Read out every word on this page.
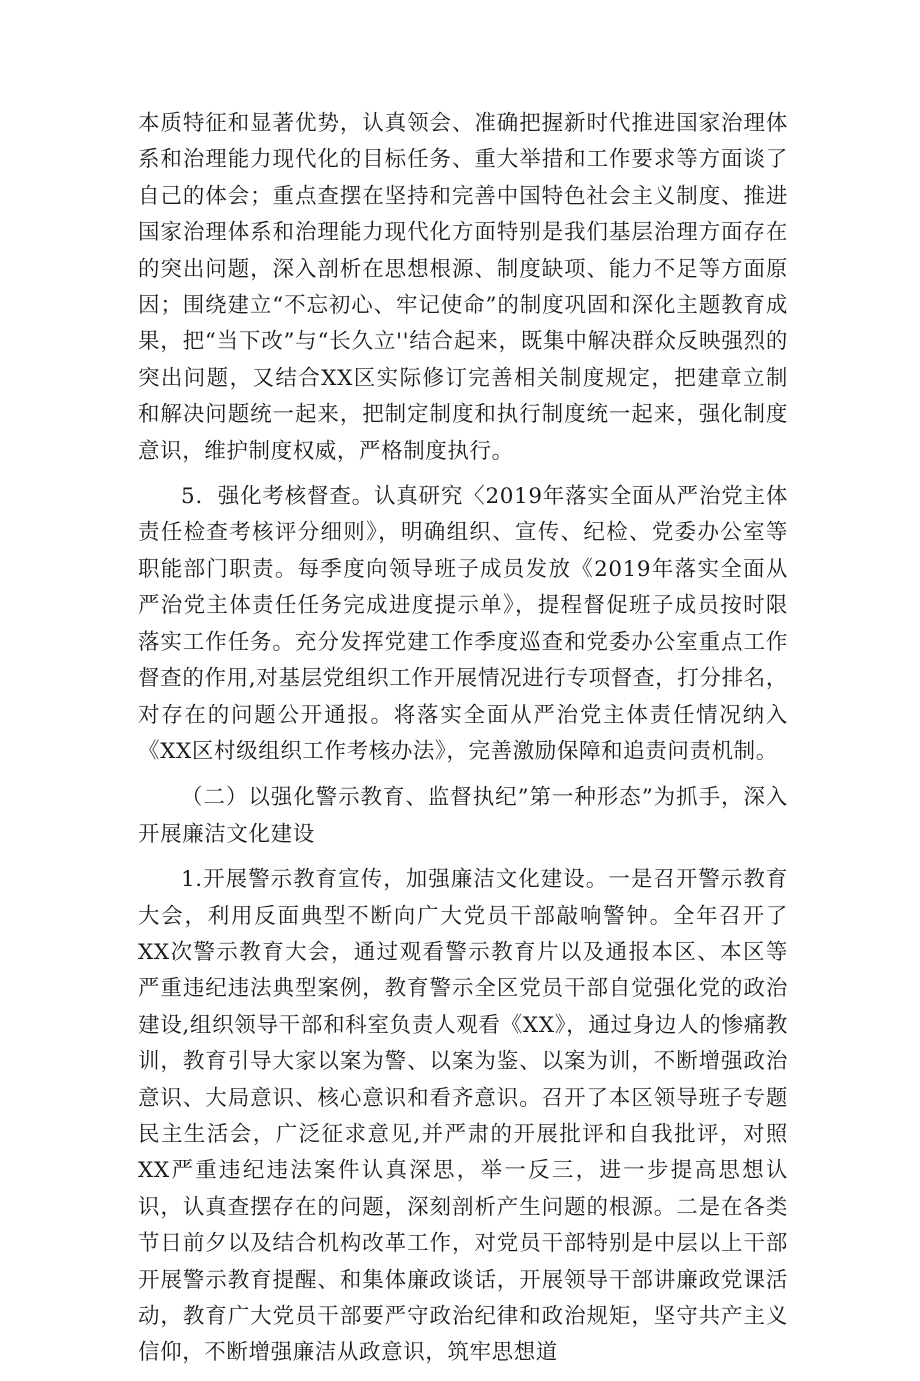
本质特征和显著优势，认真领会、准确把握新时代推进国家治理体系和治理能力现代化的目标任务、重大举措和工作要求等方面谈了自己的体会；重点查摆在坚持和完善中国特色社会主义制度、推进国家治理体系和治理能力现代化方面特别是我们基层治理方面存在的突出问题，深入剖析在思想根源、制度缺项、能力不足等方面原因；围绕建立“不忘初心、牢记使命”的制度巩固和深化主题教育成果，把“当下改”与“长久立''结合起来，既集中解决群众反映强烈的突出问题，又结合XX区实际修订完善相关制度规定，把建章立制和解决问题统一起来，把制定制度和执行制度统一起来，强化制度意识，维护制度权威，严格制度执行。

5．强化考核督查。认真研究〈2019年落实全面从严治党主体责任检查考核评分细则》，明确组织、宣传、纪检、党委办公室等职能部门职责。每季度向领导班子成员发放《2019年落实全面从严治党主体责任任务完成进度提示单》，提程督促班子成员按时限落实工作任务。充分发挥党建工作季度巡查和党委办公室重点工作督查的作用,对基层党组织工作开展情况进行专项督查，打分排名，对存在的问题公开通报。将落实全面从严治党主体责任情况纳入《XX区村级组织工作考核办法》，完善激励保障和追责问责机制。

（二）以强化警示教育、监督执纪”第一种形态”为抓手，深入开展廉洁文化建设

1.开展警示教育宣传，加强廉洁文化建设。一是召开警示教育大会，利用反面典型不断向广大党员干部敲响警钟。全年召开了XX次警示教育大会，通过观看警示教育片以及通报本区、本区等严重违纪违法典型案例，教育警示全区党员干部自觉强化党的政治建设,组织领导干部和科室负责人观看《XX》，通过身边人的惨痛教训，教育引导大家以案为警、以案为鉴、以案为训，不断增强政治意识、大局意识、核心意识和看齐意识。召开了本区领导班子专题民主生活会，广泛征求意见,并严肃的开展批评和自我批评，对照XX严重违纪违法案件认真深思，举一反三，进一步提高思想认识，认真查摆存在的问题，深刻剖析产生问题的根源。二是在各类节日前夕以及结合机构改革工作，对党员干部特别是中层以上干部开展警示教育提醒、和集体廉政谈话，开展领导干部讲廉政党课活动，教育广大党员干部要严守政治纪律和政治规矩，坚守共产主义信仰，不断增强廉洁从政意识，筑牢思想道
